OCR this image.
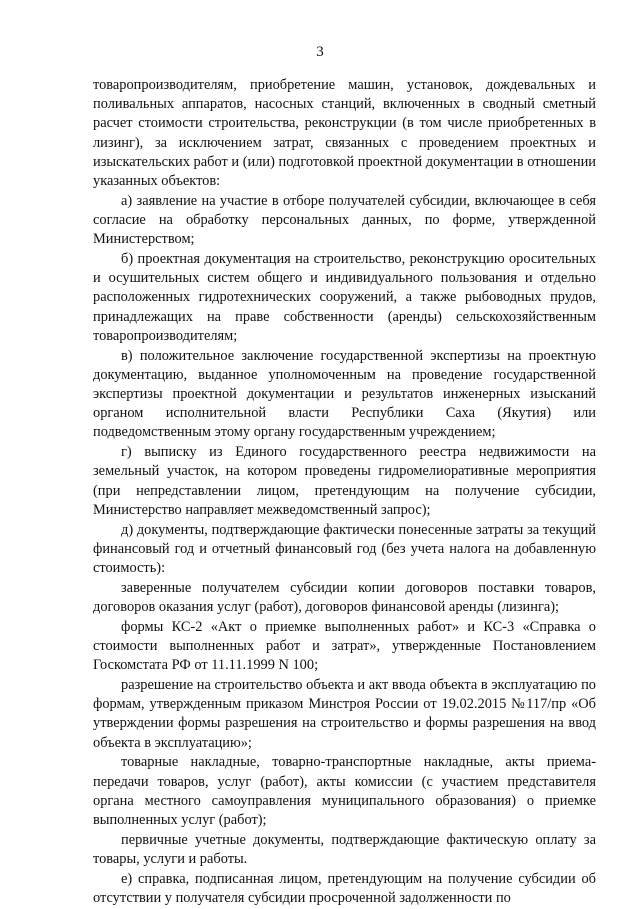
3

товаропроизводителям, приобретение машин, установок, дождевальных и поливальных аппаратов, насосных станций, включенных в сводный сметный расчет стоимости строительства, реконструкции (в том числе приобретенных в лизинг), за исключением затрат, связанных с проведением проектных и изыскательских работ и (или) подготовкой проектной документации в отношении указанных объектов:

а) заявление на участие в отборе получателей субсидии, включающее в себя согласие на обработку персональных данных, по форме, утвержденной Министерством;

б) проектная документация на строительство, реконструкцию оросительных и осушительных систем общего и индивидуального пользования и отдельно расположенных гидротехнических сооружений, а также рыбоводных прудов, принадлежащих на праве собственности (аренды) сельскохозяйственным товаропроизводителям;

в) положительное заключение государственной экспертизы на проектную документацию, выданное уполномоченным на проведение государственной экспертизы проектной документации и результатов инженерных изысканий органом исполнительной власти Республики Саха (Якутия) или подведомственным этому органу государственным учреждением;

г) выписку из Единого государственного реестра недвижимости на земельный участок, на котором проведены гидромелиоративные мероприятия (при непредставлении лицом, претендующим на получение субсидии, Министерство направляет межведомственный запрос);

д) документы, подтверждающие фактически понесенные затраты за текущий финансовый год и отчетный финансовый год (без учета налога на добавленную стоимость):

заверенные получателем субсидии копии договоров поставки товаров, договоров оказания услуг (работ), договоров финансовой аренды (лизинга);

формы КС-2 «Акт о приемке выполненных работ» и КС-3 «Справка о стоимости выполненных работ и затрат», утвержденные Постановлением Госкомстата РФ от 11.11.1999 N 100;

разрешение на строительство объекта и акт ввода объекта в эксплуатацию по формам, утвержденным приказом Минстроя России от 19.02.2015 №117/пр «Об утверждении формы разрешения на строительство и формы разрешения на ввод объекта в эксплуатацию»;

товарные накладные, товарно-транспортные накладные, акты приема-передачи товаров, услуг (работ), акты комиссии (с участием представителя органа местного самоуправления муниципального образования) о приемке выполненных услуг (работ);

первичные учетные документы, подтверждающие фактическую оплату за товары, услуги и работы.

е) справка, подписанная лицом, претендующим на получение субсидии об отсутствии у получателя субсидии просроченной задолженности по
